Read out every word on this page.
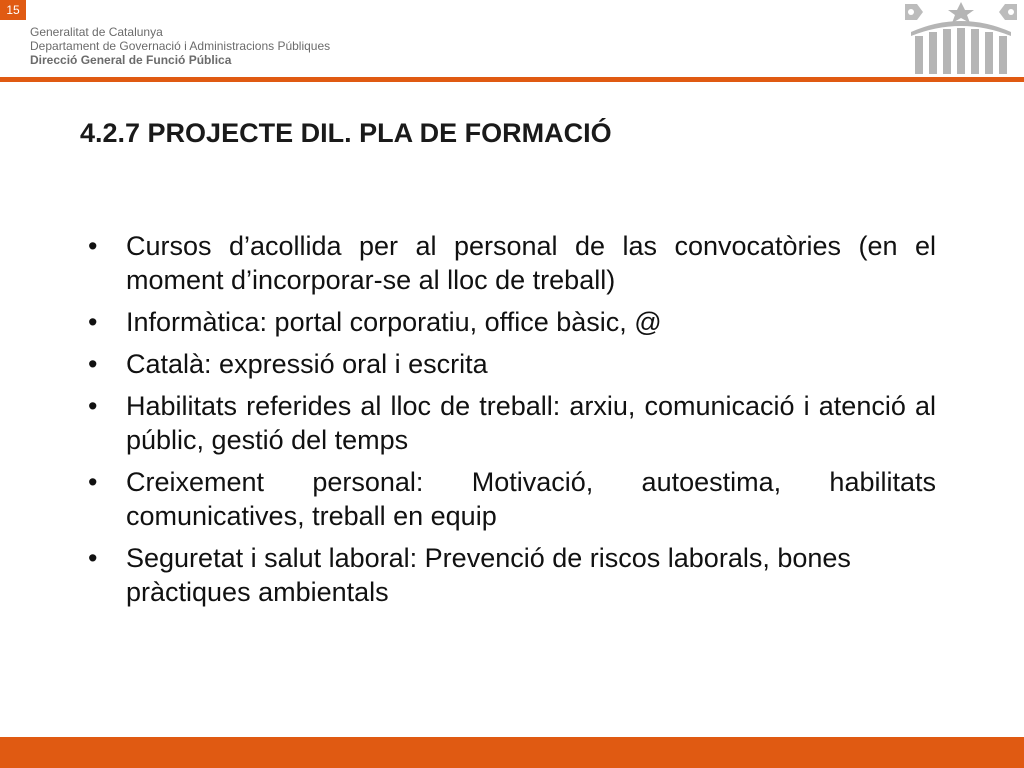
15
Generalitat de Catalunya
Departament de Governació i Administracions Públiques
Direcció General de Funció Pública
4.2.7 PROJECTE DIL. PLA DE FORMACIÓ
• Cursos d’acollida per al personal de las convocatòries (en el moment d’incorporar-se al lloc de treball)
• Informàtica: portal corporatiu, office bàsic, @
• Català: expressió oral i escrita
• Habilitats referides al lloc de treball: arxiu, comunicació i atenció al públic, gestió del temps
• Creixement personal: Motivació, autoestima, habilitats comunicatives, treball en equip
• Seguretat i salut laboral: Prevenció de riscos laborals, bones pràctiques ambientals
